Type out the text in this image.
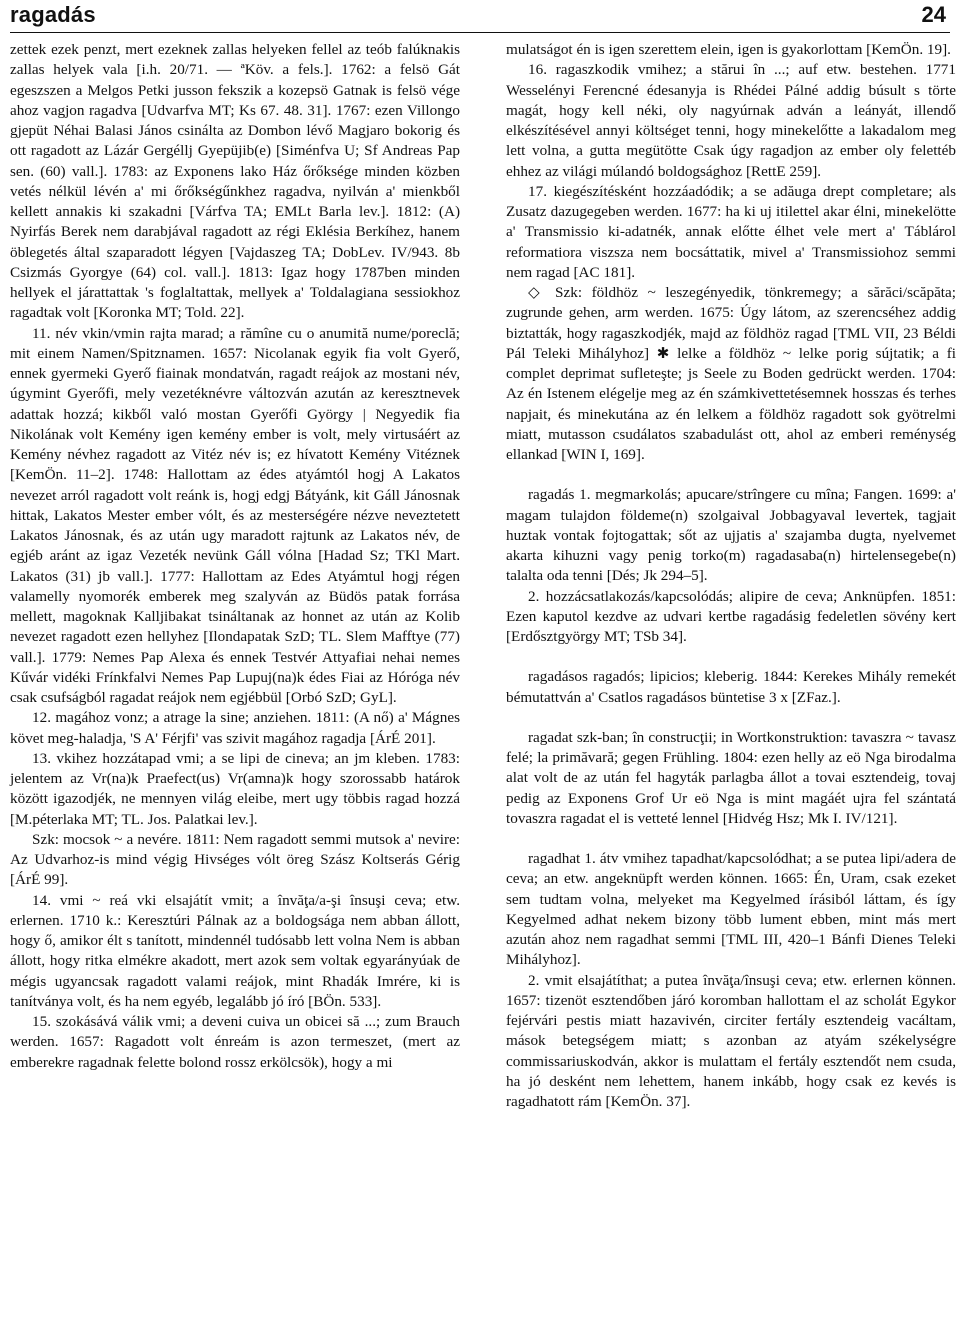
ragadás	24

zettek ezek penzt, mert ezeknek zallas helyeken fellel az teób falúknakis zallas helyek vala [i.h. 20/71. — ªKöv. a fels.]. 1762: a felsö Gát egeszszen a Melgos Petki jusson fekszik a kozepsö Gatnak is felsö vége ahoz vagjon ragadva [Udvarfva MT; Ks 67. 48. 31]. 1767: ezen Villongo gjepüt Néhai Balasi János csinálta az Dombon lévő Magjaro bokorig és ott ragadott az Lázár Gergéllj Gyepüjib(e) [Siménfva U; Sf Andreas Pap sen. (60) vall.]. 1783: az Exponens lako Ház őrőksége minden közben vetés nélkül lévén a' mi őrőkségűnkhez ragadva, nyilván a' mienkből kellett annakis ki szakadni [Várfva TA; EMLt Barla lev.]. 1812: (A) Nyirfás Berek nem darabjával ragadott az régi Eklésia Berkíhez, hanem öblegetés által szaparadott légyen [Vajdaszeg TA; DobLev. IV/943. 8b Csizmás Gyorgye (64) col. vall.]. 1813: Igaz hogy 1787ben minden hellyek el járattattak 's foglaltattak, mellyek a' Toldalagiana sessiokhoz ragadtak volt [Koronka MT; Told. 22].

11. név vkin/vmin rajta marad; a rămîne cu o anumită nume/poreclă; mit einem Namen/Spitznamen. 1657: Nicolanak egyik fia volt Gyerő, ennek gyermeki Gyerő fiainak mondatván, ragadt reájok az mostani név, úgymint Gyerőfi, mely vezetéknévre változván azután az keresztnevek adattak hozzá; kikből való mostan Gyerőfi György | Negyedik fia Nikolának volt Kemény igen kemény ember is volt, mely virtusáért az Kemény névhez ragadott az Vitéz név is; ez hívatott Kemény Vitéznek [KemÖn. 11–2]. 1748: Hallottam az édes atyámtól hogj A Lakatos nevezet arról ragadott volt reánk is, hogj edgj Bátyánk, kit Gáll Jánosnak hittak, Lakatos Mester ember vólt, és az mesterségére nézve neveztetett Lakatos Jánosnak, és az után ugy maradott rajtunk az Lakatos név, de egjéb aránt az igaz Vezeték nevünk Gáll vólna [Hadad Sz; TKl Mart. Lakatos (31) jb vall.]. 1777: Hallottam az Edes Atyámtul hogj régen valamelly nyomorék emberek meg szalyván az Büdös patak forrása mellett, magoknak Kalljibakat tsináltanak az honnet az után az Kolib nevezet ragadott ezen hellyhez [Ilondapatak SzD; TL. Slem Mafftye (77) vall.]. 1779: Nemes Pap Alexa és ennek Testvér Attyafiai nehai nemes Kűvár vidéki Frínkfalvi Nemes Pap Lupuj(na)k édes Fiai az Hóróga név csak csufságból ragadat reájok nem egjébbül [Orbó SzD; GyL].

12. magához vonz; a atrage la sine; anziehen. 1811: (A nő) a' Mágnes követ meg-haladja, 'S A' Férjfi' vas szivit magához ragadja [ÁrÉ 201].

13. vkihez hozzátapad vmi; a se lipi de cineva; an jm kleben. 1783: jelentem az Vr(na)k Praefect(us) Vr(amna)k hogy szorossabb határok között igazodjék, ne mennyen világ eleibe, mert ugy többis ragad hozzá [M.péterlaka MT; TL. Jos. Palatkai lev.].

Szk: mocsok ~ a nevére. 1811: Nem ragadott semmi mutsok a' nevire: Az Udvarhoz-is mind végig Hivséges vólt öreg Szász Koltserás Gérig [ÁrÉ 99].

14. vmi ~ reá vki elsajátít vmit; a învăţa/a-şi însuşi ceva; etw. erlernen. 1710 k.: Keresztúri Pálnak az a boldogsága nem abban állott, hogy ő, amikor élt s tanított, mindennél tudósabb lett volna Nem is abban állott, hogy ritka elmékre akadott, mert azok sem voltak egyarányúak de mégis ugyancsak ragadott valami reájok, mint Rhadák Imrére, ki is tanítványa volt, és ha nem egyéb, legalább jó író [BÖn. 533].

15. szokásává válik vmi; a deveni cuiva un obicei să ...; zum Brauch werden. 1657: Ragadott volt énreám is azon termeszet, (mert az emberekre ragadnak felette bolond rossz erkölcsök), hogy a mi

mulatságot én is igen szerettem elein, igen is gyakorlottam [KemÖn. 19].

16. ragaszkodik vmihez; a stărui în ...; auf etw. bestehen. 1771 Wesselényi Ferencné édesanyja is Rhédei Pálné addig búsult s törte magát, hogy kell néki, oly nagyúrnak adván a leányát, illendő elkészítésével annyi költséget tenni, hogy minekelőtte a lakadalom meg lett volna, a gutta megütötte Csak úgy ragadjon az ember oly felettéb ehhez az világi múlandó boldogsághoz [RettE 259].

17. kiegészítésként hozzáadódik; a se adăuga drept completare; als Zusatz dazugegeben werden. 1677: ha ki uj itilettel akar élni, minekelötte a' Transmissio ki-adatnék, annak előtte élhet vele mert a' Táblárol reformatiora viszsza nem bocsáttatik, mivel a' Transmissiohoz semmi nem ragad [AC 181].

◇ Szk: földhöz ~ leszegényedik, tönkremegy; a sărăci/scăpăta; zugrunde gehen, arm werden. 1675: Úgy látom, az szerencséhez addig biztatták, hogy ragaszkodjék, majd az földhöz ragad [TML VII, 23 Béldi Pál Teleki Mihályhoz] ✱ lelke a földhöz ~ lelke porig sújtatik; a fi complet deprimat sufleteşte; js Seele zu Boden gedrückt werden. 1704: Az én Istenem elégelje meg az én számkivettetésemnek hosszas és terhes napjait, és minekutána az én lelkem a földhöz ragadott sok gyötrelmi miatt, mutasson csudálatos szabadulást ott, ahol az emberi reménység ellankad [WIN I, 169].

ragadás 1. megmarkolás; apucare/strîngere cu mîna; Fangen. 1699: a' magam tulajdon földeme(n) szolgaival Jobbagyaval levertek, tagjait huztak vontak fojtogattak; sőt az ujjatis a' szajamba dugta, nyelvemet akarta kihuzni vagy penig torko(m) ragadasaba(n) hirtelensegebe(n) talalta oda tenni [Dés; Jk 294–5].

2. hozzácsatlakozás/kapcsolódás; alipire de ceva; Anknüpfen. 1851: Ezen kaputol kezdve az udvari kertbe ragadásig fedeletlen sövény kert [Erdősztgyörgy MT; TSb 34].

ragadásos ragadós; lipicios; kleberig. 1844: Kerekes Mihály remekét bémutattván a' Csatlos ragadásos büntetise 3 x [ZFaz.].

ragadat szk-ban; în construcţii; in Wortkonstruktion: tavaszra ~ tavasz felé; la primăvară; gegen Frühling. 1804: ezen helly az eö Nga birodalma alat volt de az után fel hagyták parlagba állot a tovai esztendeig, tovaj pedig az Exponens Grof Ur eö Nga is mint magáét ujra fel szántatá tovaszra ragadat el is vetteté lennel [Hidvég Hsz; Mk I. IV/121].

ragadhat 1. átv vmihez tapadhat/kapcsolódhat; a se putea lipi/adera de ceva; an etw. angeknüpft werden können. 1665: Én, Uram, csak ezeket sem tudtam volna, melyeket ma Kegyelmed írásiból láttam, és így Kegyelmed adhat nekem bizony több lument ebben, mint más mert azután ahoz nem ragadhat semmi [TML III, 420–1 Bánfi Dienes Teleki Mihályhoz].

2. vmit elsajátíthat; a putea învăţa/însuşi ceva; etw. erlernen können. 1657: tizenöt esztendőben járó koromban hallottam el az scholát Egykor fejérvári pestis miatt hazavivén, circiter fertály esztendeig vacáltam, mások betegségem miatt; s azonban az atyám székelységre commissariuskodván, akkor is mulattam el fertály esztendőt nem csuda, ha jó desként nem lehettem, hanem inkább, hogy csak ez kevés is ragadhatott rám [KemÖn. 37].
